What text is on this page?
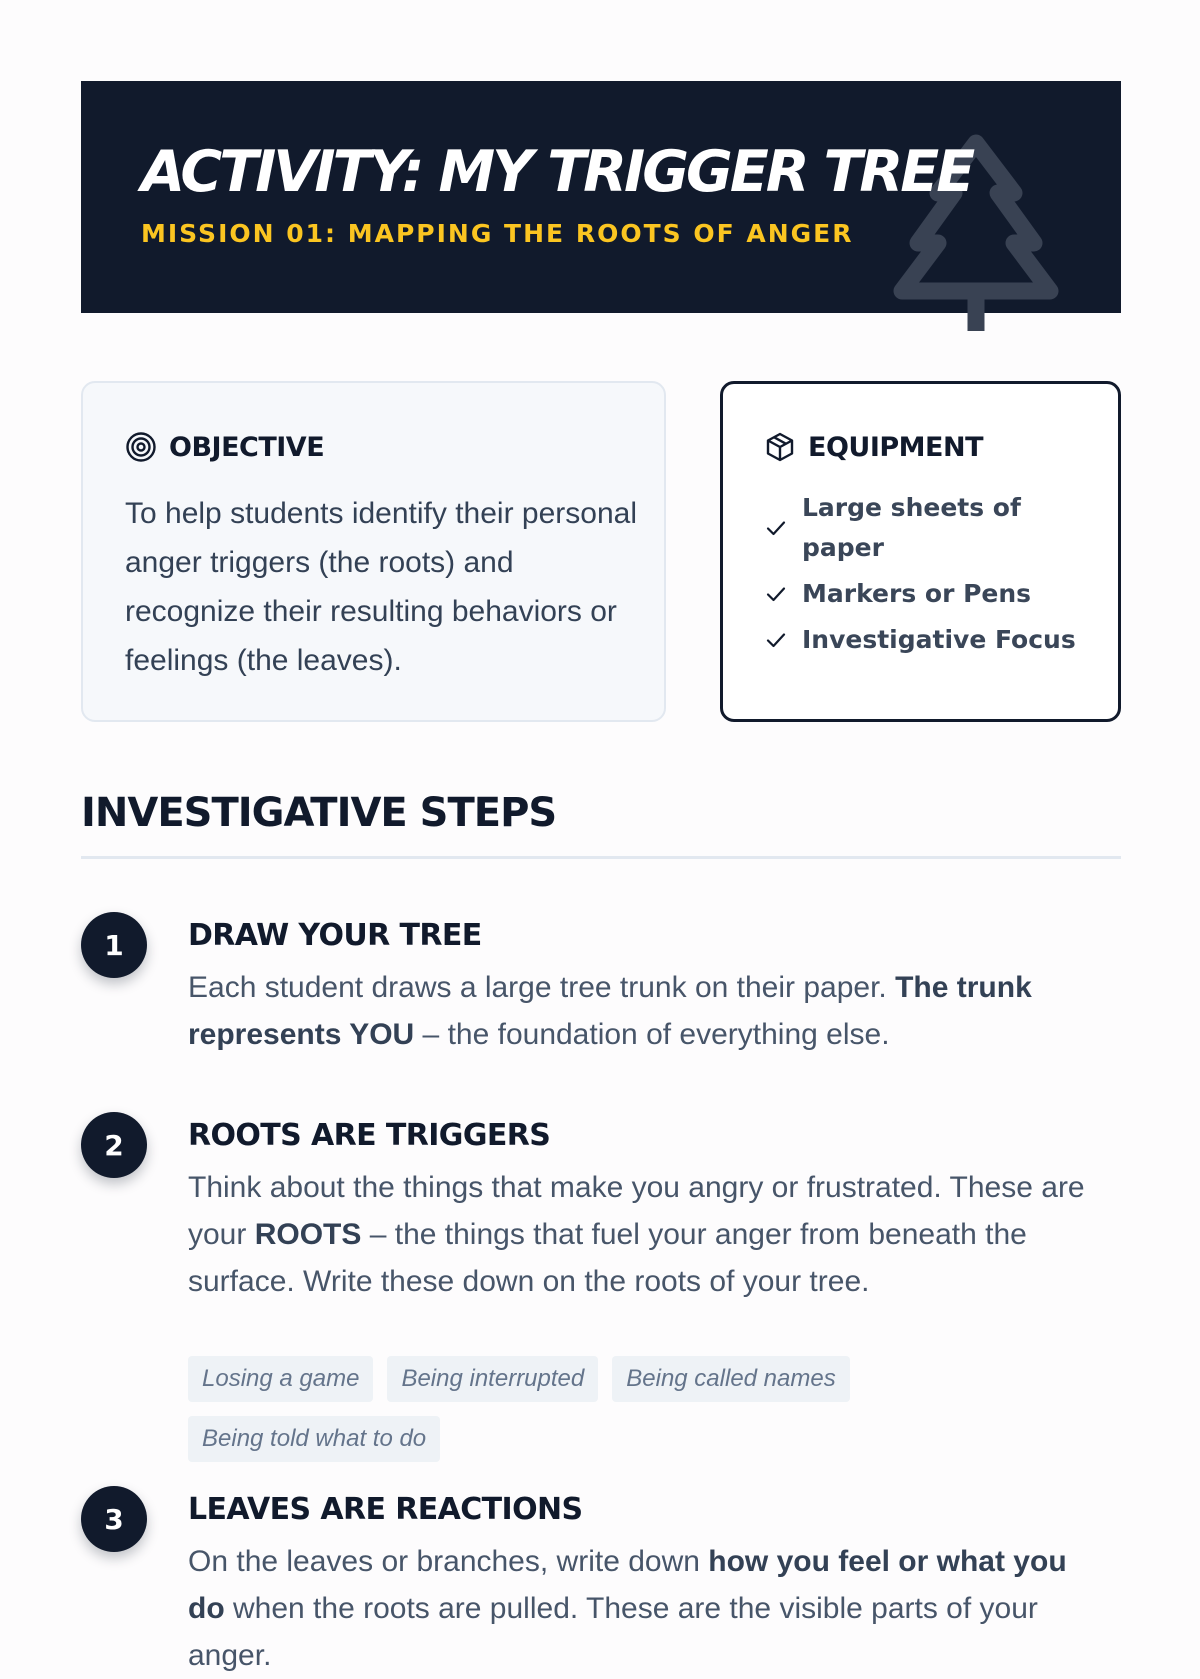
ACTIVITY: MY TRIGGER TREE
MISSION 01: MAPPING THE ROOTS OF ANGER
OBJECTIVE

To help students identify their personal anger triggers (the roots) and recognize their resulting behaviors or feelings (the leaves).

EQUIPMENT
Large sheets of paper
Markers or Pens
Investigative Focus
INVESTIGATIVE STEPS
1	DRAW YOUR TREE

Each student draws a large tree trunk on their paper. The trunk represents YOU – the foundation of everything else.

2	ROOTS ARE TRIGGERS

Think about the things that make you angry or frustrated. These are your ROOTS – the things that fuel your anger from beneath the surface. Write these down on the roots of your tree.

Losing a game	Being interrupted	Being called names
Being told what to do
3	LEAVES ARE REACTIONS

On the leaves or branches, write down how you feel or what you do when the roots are pulled. These are the visible parts of your anger.
